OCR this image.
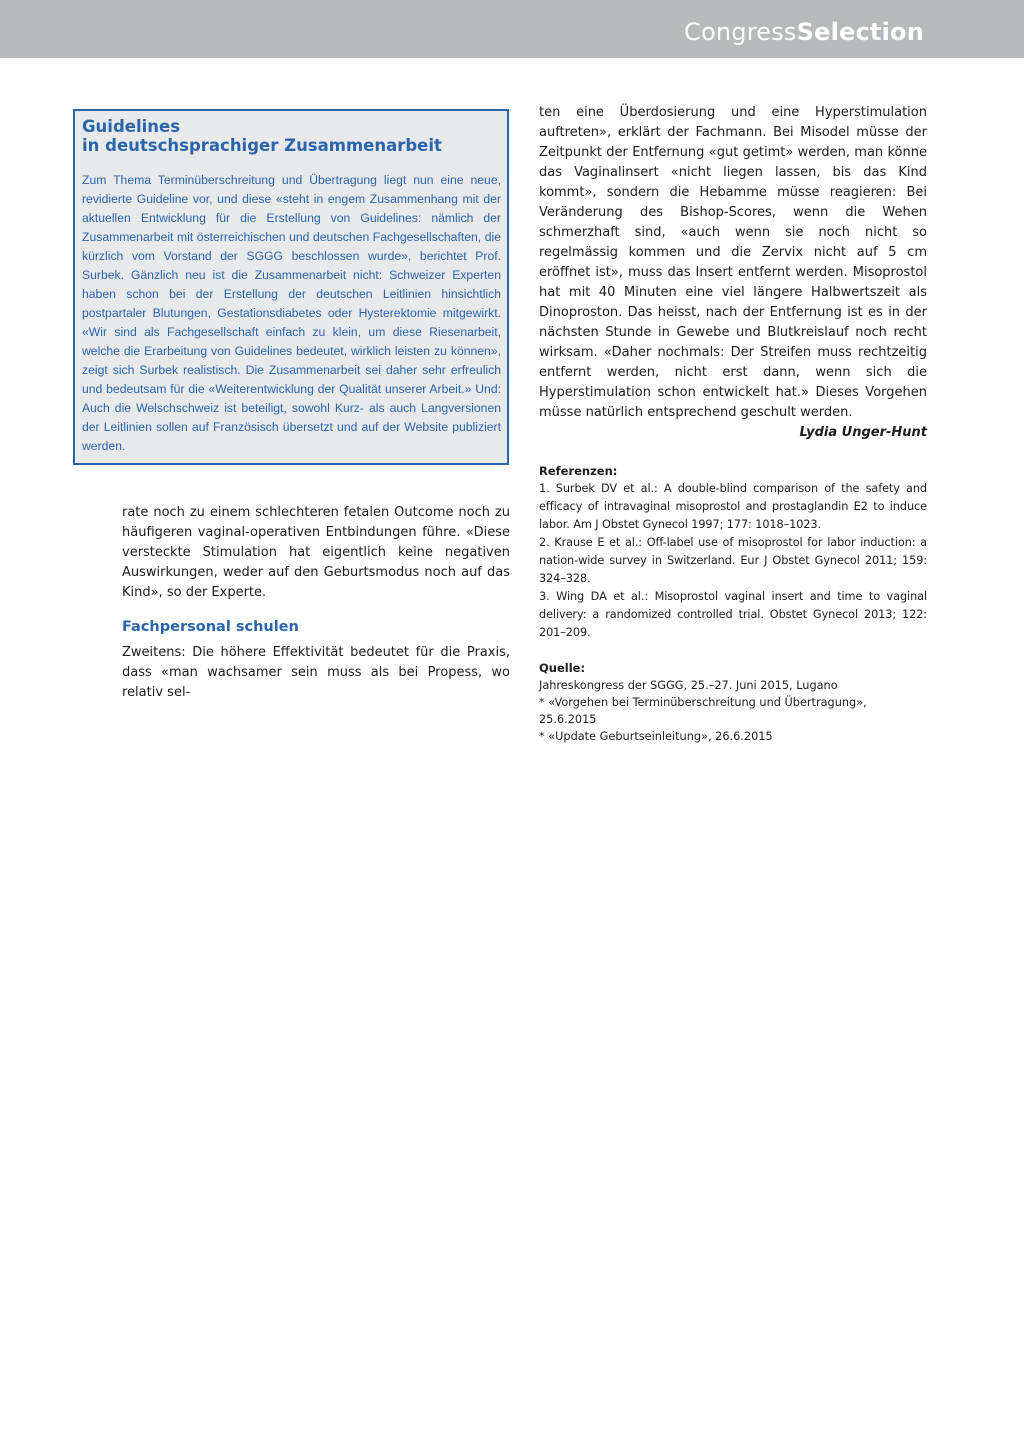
CongressSelection
Guidelines
in deutschsprachiger Zusammenarbeit

Zum Thema Terminüberschreitung und Übertragung liegt nun eine neue, revidierte Guideline vor, und diese «steht in engem Zusammenhang mit der aktuellen Entwicklung für die Erstellung von Guidelines: nämlich der Zusammenarbeit mit österreichischen und deutschen Fachgesellschaften, die kürzlich vom Vorstand der SGGG beschlossen wurde», berichtet Prof. Surbek. Gänzlich neu ist die Zusammenarbeit nicht: Schweizer Experten haben schon bei der Erstellung der deutschen Leitlinien hinsichtlich postpartaler Blutungen, Gestationsdiabetes oder Hysterektomie mitgewirkt. «Wir sind als Fachgesellschaft einfach zu klein, um diese Riesenarbeit, welche die Erarbeitung von Guidelines bedeutet, wirklich leisten zu können», zeigt sich Surbek realistisch. Die Zusammenarbeit sei daher sehr erfreulich und bedeutsam für die «Weiterentwicklung der Qualität unserer Arbeit.» Und: Auch die Welschschweiz ist beteiligt, sowohl Kurz- als auch Langversionen der Leitlinien sollen auf Französisch übersetzt und auf der Website publiziert werden.

rate noch zu einem schlechteren fetalen Outcome noch zu häufigeren vaginal-operativen Entbindungen führe. «Diese versteckte Stimulation hat eigentlich keine negativen Auswirkungen, weder auf den Geburtsmodus noch auf das Kind», so der Experte.

Fachpersonal schulen

Zweitens: Die höhere Effektivität bedeutet für die Praxis, dass «man wachsamer sein muss als bei Propess, wo relativ sel-

ten eine Überdosierung und eine Hyperstimulation auftreten», erklärt der Fachmann. Bei Misodel müsse der Zeitpunkt der Entfernung «gut getimt» werden, man könne das Vaginalinsert «nicht liegen lassen, bis das Kind kommt», sondern die Hebamme müsse reagieren: Bei Veränderung des Bishop-Scores, wenn die Wehen schmerzhaft sind, «auch wenn sie noch nicht so regelmässig kommen und die Zervix nicht auf 5 cm eröffnet ist», muss das Insert entfernt werden. Misoprostol hat mit 40 Minuten eine viel längere Halbwertszeit als Dinoproston. Das heisst, nach der Entfernung ist es in der nächsten Stunde in Gewebe und Blutkreislauf noch recht wirksam. «Daher nochmals: Der Streifen muss rechtzeitig entfernt werden, nicht erst dann, wenn sich die Hyperstimulation schon entwickelt hat.» Dieses Vorgehen müsse natürlich entsprechend geschult werden.

Lydia Unger-Hunt

Referenzen:
1. Surbek DV et al.: A double-blind comparison of the safety and efficacy of intravaginal misoprostol and prostaglandin E2 to induce labor. Am J Obstet Gynecol 1997; 177: 1018–1023.
2. Krause E et al.: Off-label use of misoprostol for labor induction: a nation-wide survey in Switzerland. Eur J Obstet Gynecol 2011; 159: 324–328.
3. Wing DA et al.: Misoprostol vaginal insert and time to vaginal delivery: a randomized controlled trial. Obstet Gynecol 2013; 122: 201–209.
Quelle:
Jahreskongress der SGGG, 25.–27. Juni 2015, Lugano
* «Vorgehen bei Terminüberschreitung und Übertragung», 25.6.2015
* «Update Geburtseinleitung», 26.6.2015
